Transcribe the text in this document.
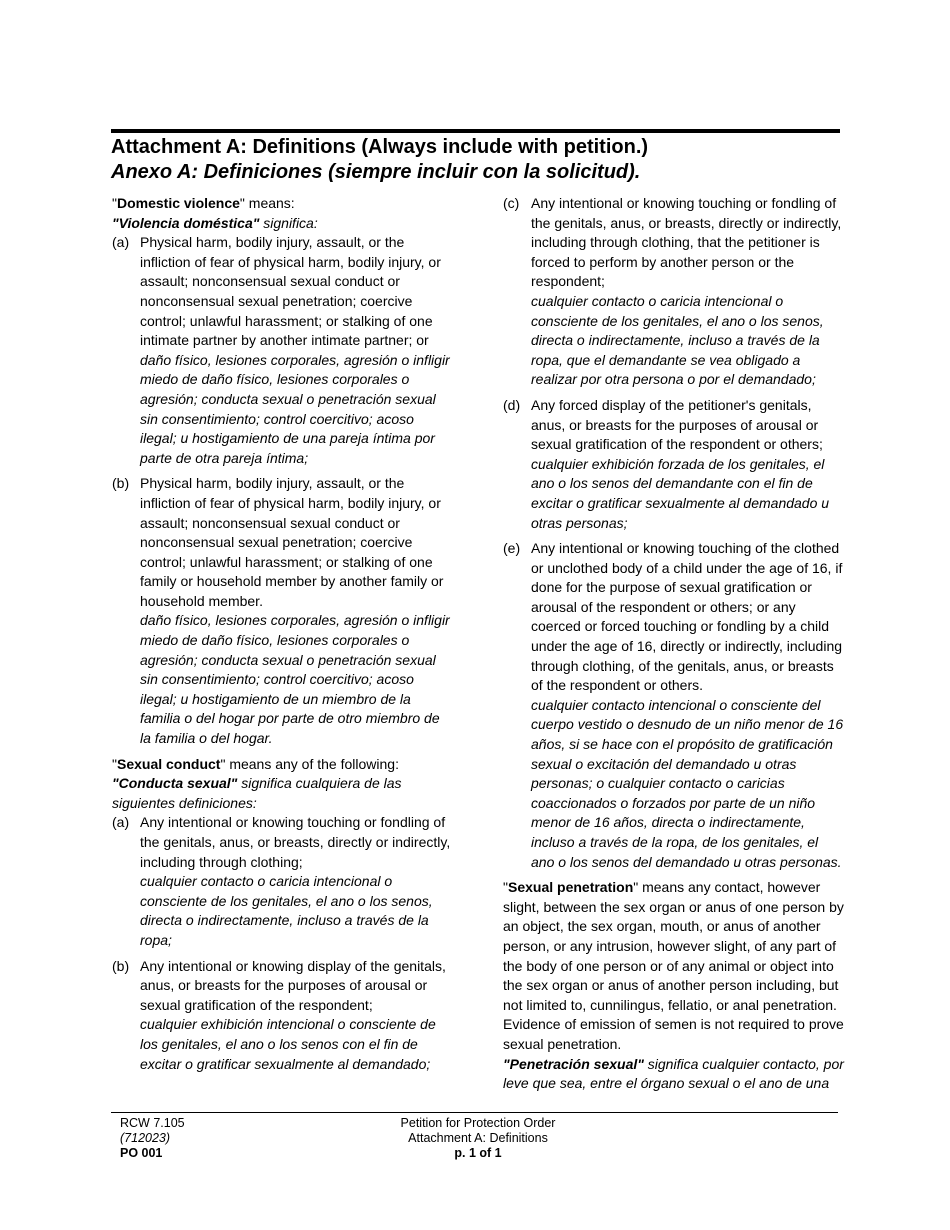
Attachment A: Definitions (Always include with petition.)
Anexo A: Definiciones (siempre incluir con la solicitud).

"Domestic violence" means:

"Violencia doméstica" significa:

(a) Physical harm, bodily injury, assault, or the infliction of fear of physical harm, bodily injury, or assault; nonconsensual sexual conduct or nonconsensual sexual penetration; coercive control; unlawful harassment; or stalking of one intimate partner by another intimate partner; or
daño físico, lesiones corporales, agresión o infligir miedo de daño físico, lesiones corporales o agresión; conducta sexual o penetración sexual sin consentimiento; control coercitivo; acoso ilegal; u hostigamiento de una pareja íntima por parte de otra pareja íntima;
(b) Physical harm, bodily injury, assault, or the infliction of fear of physical harm, bodily injury, or assault; nonconsensual sexual conduct or nonconsensual sexual penetration; coercive control; unlawful harassment; or stalking of one family or household member by another family or household member.
daño físico, lesiones corporales, agresión o infligir miedo de daño físico, lesiones corporales o agresión; conducta sexual o penetración sexual sin consentimiento; control coercitivo; acoso ilegal; u hostigamiento de un miembro de la familia o del hogar por parte de otro miembro de la familia o del hogar.

"Sexual conduct" means any of the following:

"Conducta sexual" significa cualquiera de las siguientes definiciones:

(a) Any intentional or knowing touching or fondling of the genitals, anus, or breasts, directly or indirectly, including through clothing;
cualquier contacto o caricia intencional o consciente de los genitales, el ano o los senos, directa o indirectamente, incluso a través de la ropa;
(b) Any intentional or knowing display of the genitals, anus, or breasts for the purposes of arousal or sexual gratification of the respondent;
cualquier exhibición intencional o consciente de los genitales, el ano o los senos con el fin de excitar o gratificar sexualmente al demandado;
(c) Any intentional or knowing touching or fondling of the genitals, anus, or breasts, directly or indirectly, including through clothing, that the petitioner is forced to perform by another person or the respondent;
cualquier contacto o caricia intencional o consciente de los genitales, el ano o los senos, directa o indirectamente, incluso a través de la ropa, que el demandante se vea obligado a realizar por otra persona o por el demandado;
(d) Any forced display of the petitioner's genitals, anus, or breasts for the purposes of arousal or sexual gratification of the respondent or others;
cualquier exhibición forzada de los genitales, el ano o los senos del demandante con el fin de excitar o gratificar sexualmente al demandado u otras personas;
(e) Any intentional or knowing touching of the clothed or unclothed body of a child under the age of 16, if done for the purpose of sexual gratification or arousal of the respondent or others; or any coerced or forced touching or fondling by a child under the age of 16, directly or indirectly, including through clothing, of the genitals, anus, or breasts of the respondent or others.
cualquier contacto intencional o consciente del cuerpo vestido o desnudo de un niño menor de 16 años, si se hace con el propósito de gratificación sexual o excitación del demandado u otras personas; o cualquier contacto o caricias coaccionados o forzados por parte de un niño menor de 16 años, directa o indirectamente, incluso a través de la ropa, de los genitales, el ano o los senos del demandado u otras personas.

"Sexual penetration" means any contact, however slight, between the sex organ or anus of one person by an object, the sex organ, mouth, or anus of another person, or any intrusion, however slight, of any part of the body of one person or of any animal or object into the sex organ or anus of another person including, but not limited to, cunnilingus, fellatio, or anal penetration. Evidence of emission of semen is not required to prove sexual penetration.
"Penetración sexual" significa cualquier contacto, por leve que sea, entre el órgano sexual o el ano de una

RCW 7.105
(712023)
PO 001
Petition for Protection Order
Attachment A: Definitions
p. 1 of 1
